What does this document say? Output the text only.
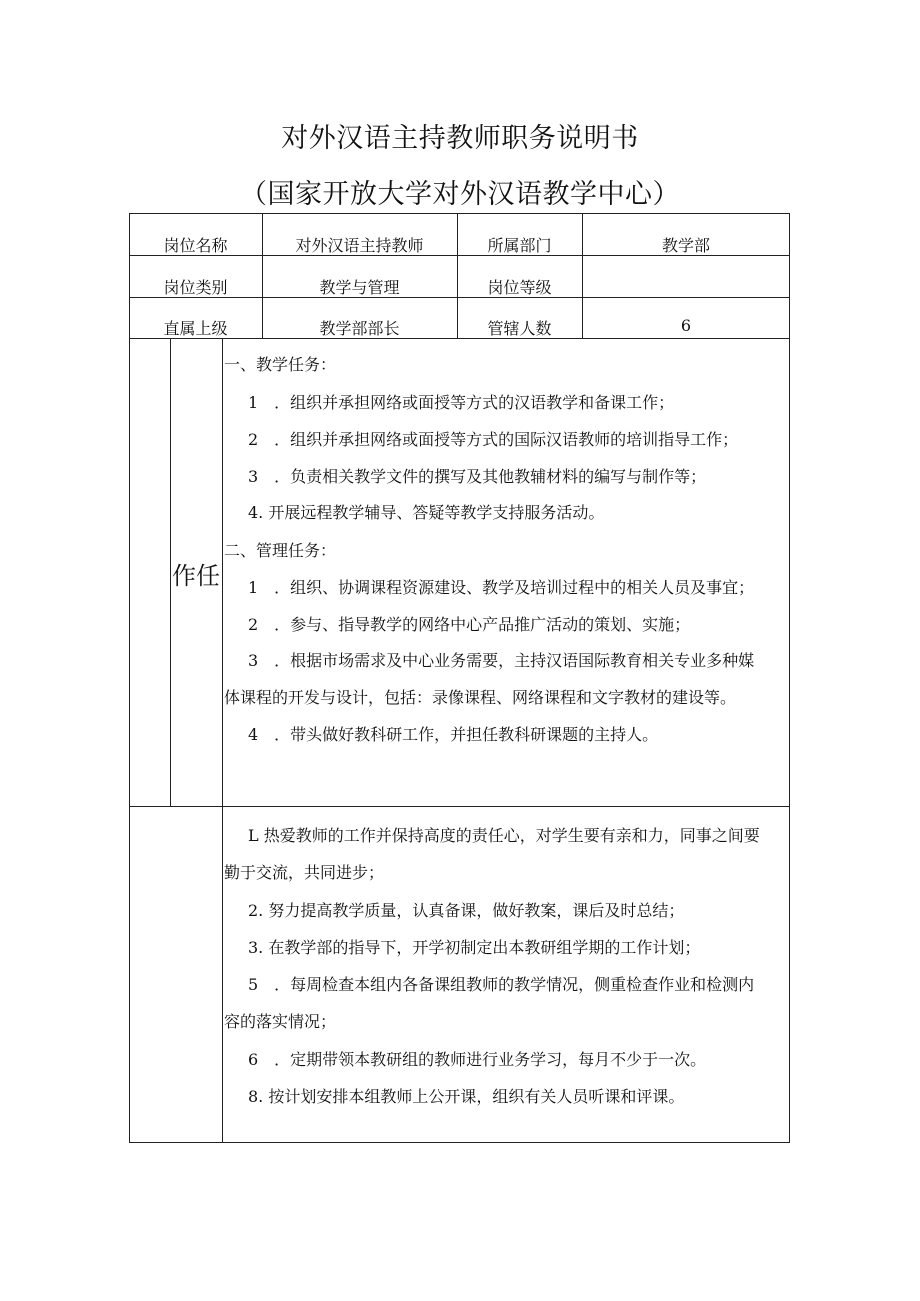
对外汉语主持教师职务说明书
（国家开放大学对外汉语教学中心）
岗位名称	对外汉语主持教师	所属部门	教学部
岗位类别	教学与管理	岗位等级
直属上级	教学部部长	管辖人数	6
作任
一、教学任务：
1　．组织并承担网络或面授等方式的汉语教学和备课工作；
2　．组织并承担网络或面授等方式的国际汉语教师的培训指导工作；
3　．负责相关教学文件的撰写及其他教辅材料的编写与制作等；
4. 开展远程教学辅导、答疑等教学支持服务活动。
二、管理任务：
1　．组织、协调课程资源建设、教学及培训过程中的相关人员及事宜；
2　．参与、指导教学的网络中心产品推广活动的策划、实施；
3　．根据市场需求及中心业务需要，主持汉语国际教育相关专业多种媒
体课程的开发与设计，包括：录像课程、网络课程和文字教材的建设等。
4　．带头做好教科研工作，并担任教科研课题的主持人。
L 热爱教师的工作并保持高度的责任心，对学生要有亲和力，同事之间要
勤于交流，共同进步；
2. 努力提高教学质量，认真备课，做好教案，课后及时总结；
3. 在教学部的指导下，开学初制定出本教研组学期的工作计划；
5　．每周检查本组内各备课组教师的教学情况，侧重检查作业和检测内
容的落实情况；
6　．定期带领本教研组的教师进行业务学习，每月不少于一次。
8. 按计划安排本组教师上公开课，组织有关人员听课和评课。
